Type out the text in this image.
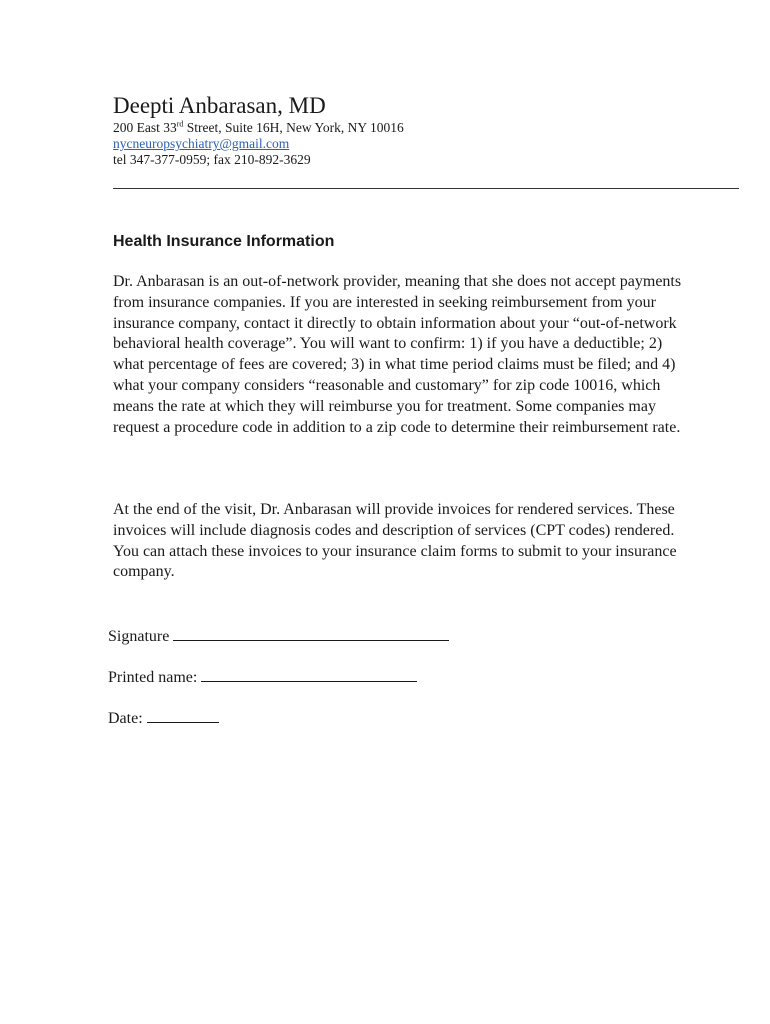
Deepti Anbarasan, MD

200 East 33rd Street, Suite 16H, New York, NY 10016

nycneuropsychiatry@gmail.com

tel 347-377-0959; fax 210-892-3629

Health Insurance Information

Dr. Anbarasan is an out-of-network provider, meaning that she does not accept payments from insurance companies. If you are interested in seeking reimbursement from your insurance company, contact it directly to obtain information about your “out-of-network behavioral health coverage”. You will want to confirm: 1) if you have a deductible; 2) what percentage of fees are covered; 3) in what time period claims must be filed; and 4) what your company considers “reasonable and customary” for zip code 10016, which means the rate at which they will reimburse you for treatment. Some companies may request a procedure code in addition to a zip code to determine their reimbursement rate.

At the end of the visit, Dr. Anbarasan will provide invoices for rendered services. These invoices will include diagnosis codes and description of services (CPT codes) rendered. You can attach these invoices to your insurance claim forms to submit to your insurance company.

Signature

Printed name:

Date:
